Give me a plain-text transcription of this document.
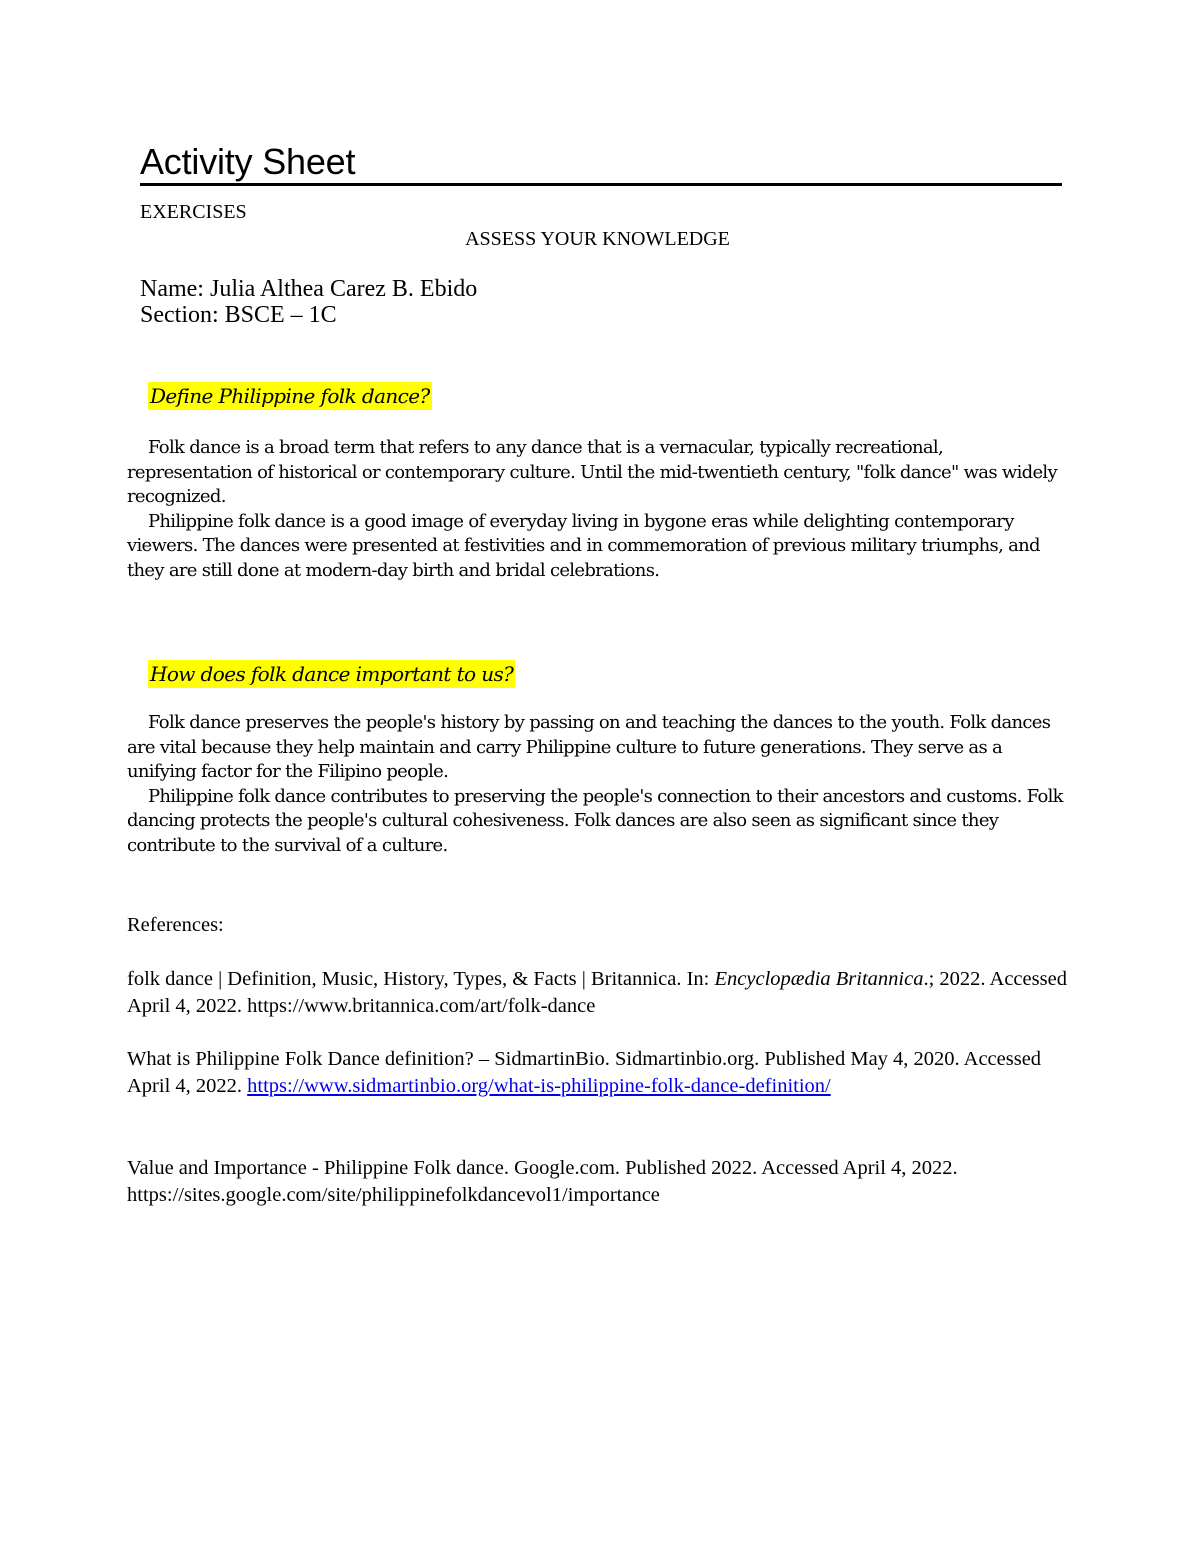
Activity Sheet
EXERCISES
ASSESS YOUR KNOWLEDGE
Name: Julia Althea Carez B. Ebido
Section: BSCE – 1C
Define Philippine folk dance?

Folk dance is a broad term that refers to any dance that is a vernacular, typically recreational, representation of historical or contemporary culture. Until the mid-twentieth century, "folk dance" was widely recognized.

Philippine folk dance is a good image of everyday living in bygone eras while delighting contemporary viewers. The dances were presented at festivities and in commemoration of previous military triumphs, and they are still done at modern-day birth and bridal celebrations.

How does folk dance important to us?

Folk dance preserves the people's history by passing on and teaching the dances to the youth. Folk dances are vital because they help maintain and carry Philippine culture to future generations. They serve as a unifying factor for the Filipino people.

Philippine folk dance contributes to preserving the people's connection to their ancestors and customs. Folk dancing protects the people's cultural cohesiveness. Folk dances are also seen as significant since they contribute to the survival of a culture.

References:

folk dance | Definition, Music, History, Types, & Facts | Britannica. In: Encyclopædia Britannica.; 2022. Accessed April 4, 2022. https://www.britannica.com/art/folk-dance

What is Philippine Folk Dance definition? – SidmartinBio. Sidmartinbio.org. Published May 4, 2020. Accessed April 4, 2022. https://www.sidmartinbio.org/what-is-philippine-folk-dance-definition/

Value and Importance - Philippine Folk dance. Google.com. Published 2022. Accessed April 4, 2022. https://sites.google.com/site/philippinefolkdancevol1/importance
